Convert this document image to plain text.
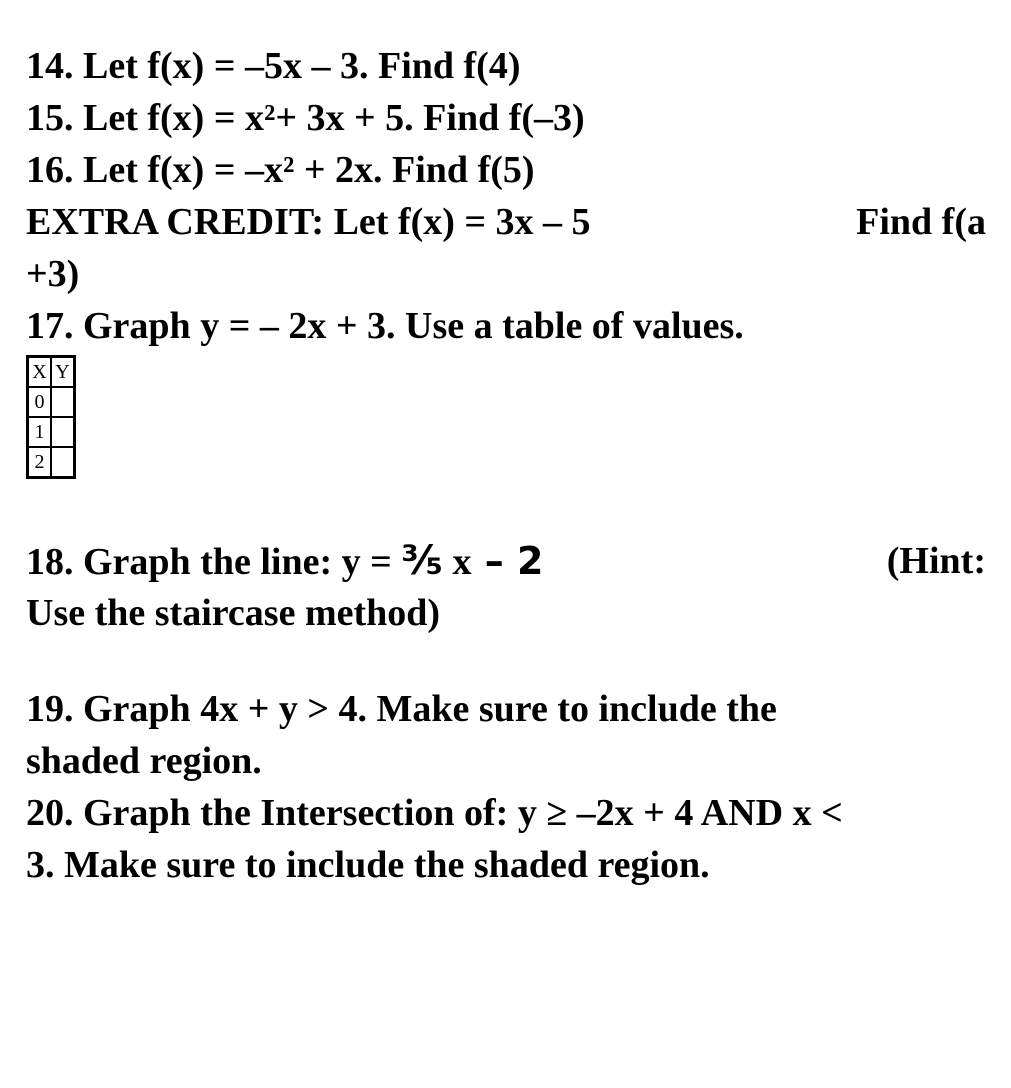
14. Let f(x) = –5x – 3. Find f(4)
15. Let f(x) = x²+ 3x + 5. Find f(–3)
16. Let f(x) = –x² + 2x. Find f(5)
EXTRA CREDIT: Let f(x) = 3x – 5	Find f(a
+3)
17. Graph y = – 2x + 3. Use a table of values.
X	Y
0	
1	
2	
18. Graph the line: y = ³⁄₅ x – 2	(Hint:
Use the staircase method)
19. Graph 4x + y > 4. Make sure to include the
shaded region.
20. Graph the Intersection of: y ≥ –2x + 4 AND x <
3. Make sure to include the shaded region.
